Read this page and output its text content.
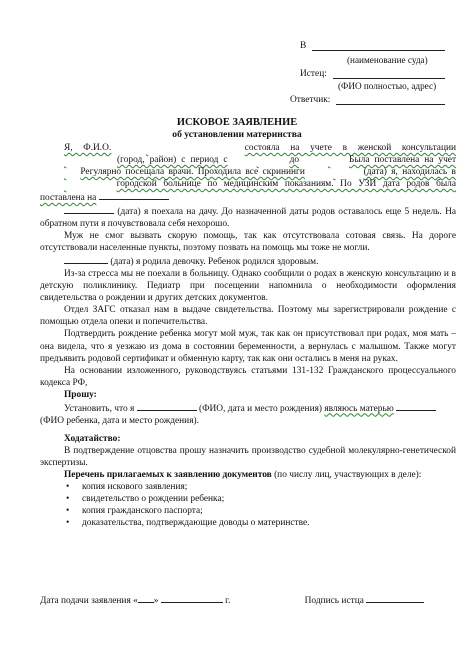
В
(наименование суда)
Истец:
(ФИО полностью, адрес)
Ответчик:
ИСКОВОЕ ЗАЯВЛЕНИЕ
об установлении материнства

Я, Ф.И.О.	состояла на учете в женской консультации   (город, район) с период с	до	Была поставлена на учет   Регулярно посещала врачи. Проходила все скрининги	(дата) я, находилась в   городской больнице по медицинским показаниям. По УЗИ дата родов была поставлена на

(дата) я поехала на дачу. До назначенной даты родов оставалось еще 5 недель. На обратном пути я почувствовала себя нехорошо.

Муж не смог вызвать скорую помощь, так как отсутствовала сотовая связь. На дороге отсутствовали населенные пункты, поэтому позвать на помощь мы тоже не могли.

(дата) я родила девочку. Ребенок родился здоровым.

Из-за стресса мы не поехали в больницу. Однако сообщили о родах в женскую консультацию и в детскую поликлинику. Педиатр при посещении напомнила о необходимости оформления свидетельства о рождении и других детских документов.

Отдел ЗАГС отказал нам в выдаче свидетельства. Поэтому мы зарегистрировали рождение с помощью отдела опеки и попечительства.

Подтвердить рождение ребенка могут мой муж, так как он присутствовал при родах, моя мать – она видела, что я уезжаю из дома в состоянии беременности, а вернулась с малышом. Также могут предъявить родовой сертификат и обменную карту, так как они остались в меня на руках.

На основании изложенного, руководствуясь статьями 131-132 Гражданского процессуального кодекса РФ,

Прошу:

Установить, что я	(ФИО, дата и место рождения) являюсь матерью

(ФИО ребенка, дата и место рождения).

Ходатайство:

В подтверждение отцовства прошу назначить производство судебной молекулярно-генетической экспертизы.

Перечень прилагаемых к заявлению документов (по числу лиц, участвующих в деле):

• копия искового заявления;
• свидетельство о рождении ребенка;
• копия гражданского паспорта;
• доказательства, подтверждающие доводы о материнстве.
Дата подачи заявления « »	г.	Подпись истца
